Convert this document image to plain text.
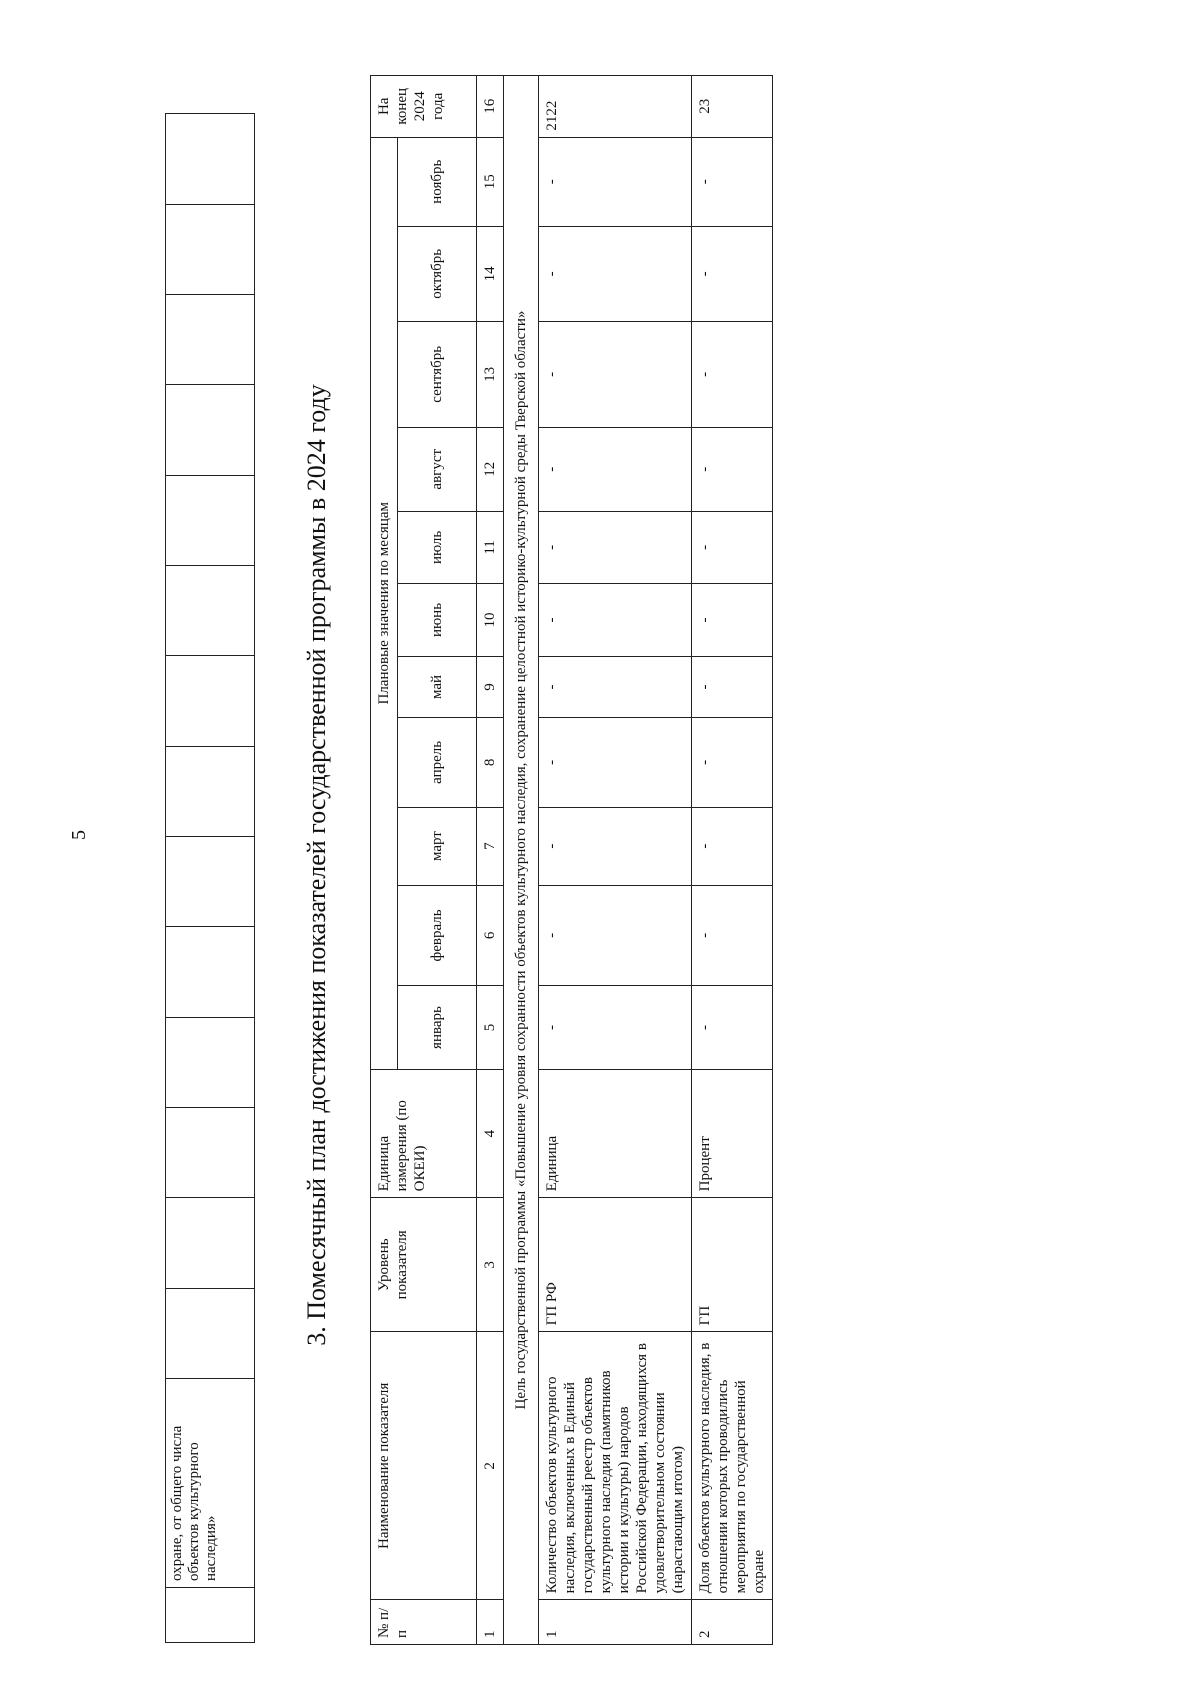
5
	охране, от общего числа объектов культурного наследия»														
3. Помесячный план достижения показателей государственной программы в 2024 году
№ п/п	Наименование показателя	Уровень показателя	Единица измерения (по ОКЕИ)	Плановые значения по месяцам											На конец 2024 года
				январь	февраль	март	апрель	май	июнь	июль	август	сентябрь	октябрь	ноябрь	
1	2	3	4	5	6	7	8	9	10	11	12	13	14	15	16
Цель государственной программы «Повышение уровня сохранности объектов культурного наследия, сохранение целостной историко-культурной среды Тверской области»															
1	Количество объектов культурного наследия, включенных в Единый государственный реестр объектов культурного наследия (памятников истории и культуры) народов Российской Федерации, находящихся в удовлетворительном состоянии (нарастающим итогом)	ГП РФ	Единица	-	-	-	-	-	-	-	-	-	-	-	2122
2	Доля объектов культурного наследия, в отношении которых проводились мероприятия по государственной охране	ГП	Процент	-	-	-	-	-	-	-	-	-	-	-	23
